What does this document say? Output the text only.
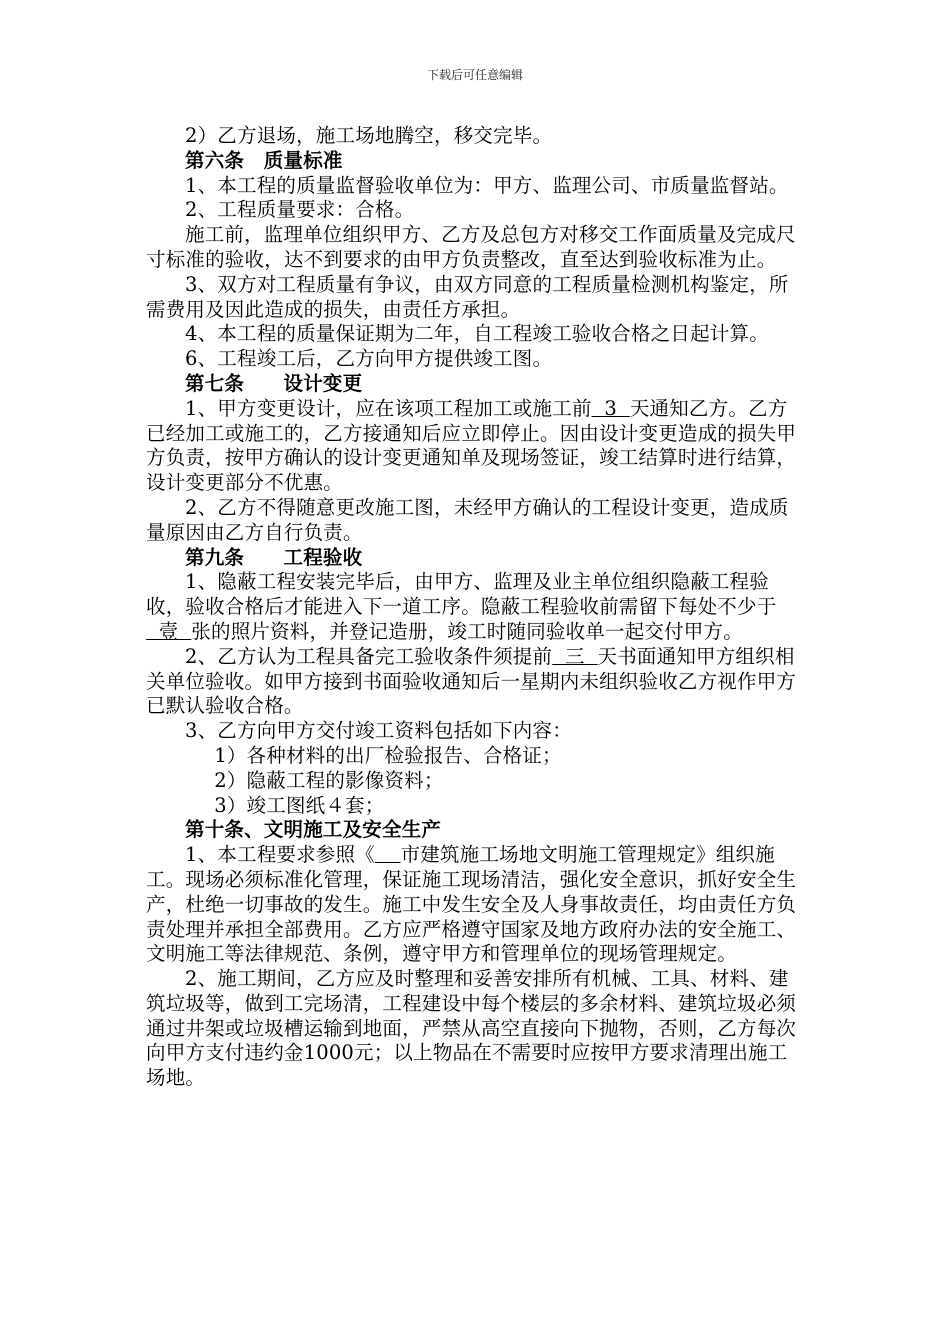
下载后可任意编辑

2）乙方退场，施工场地腾空，移交完毕。

第六条　质量标准

1、本工程的质量监督验收单位为：甲方、监理公司、市质量监督站。

2、工程质量要求：合格。

施工前，监理单位组织甲方、乙方及总包方对移交工作面质量及完成尺寸标准的验收，达不到要求的由甲方负责整改，直至达到验收标准为止。

3、双方对工程质量有争议，由双方同意的工程质量检测机构鉴定，所需费用及因此造成的损失，由责任方承担。

4、本工程的质量保证期为二年，自工程竣工验收合格之日起计算。

6、工程竣工后，乙方向甲方提供竣工图。

第七条　　设计变更

1、甲方变更设计，应在该项工程加工或施工前  3  天通知乙方。乙方已经加工或施工的，乙方接通知后应立即停止。因由设计变更造成的损失甲方负责，按甲方确认的设计变更通知单及现场签证，竣工结算时进行结算，设计变更部分不优惠。

2、乙方不得随意更改施工图，未经甲方确认的工程设计变更，造成质量原因由乙方自行负责。

第九条　　工程验收

1、隐蔽工程安装完毕后，由甲方、监理及业主单位组织隐蔽工程验收，验收合格后才能进入下一道工序。隐蔽工程验收前需留下每处不少于  壹  张的照片资料，并登记造册，竣工时随同验收单一起交付甲方。

2、乙方认为工程具备完工验收条件须提前  三  天书面通知甲方组织相关单位验收。如甲方接到书面验收通知后一星期内未组织验收乙方视作甲方已默认验收合格。

3、乙方向甲方交付竣工资料包括如下内容：

1）各种材料的出厂检验报告、合格证；

2）隐蔽工程的影像资料；

3）竣工图纸４套；

第十条、文明施工及安全生产

1、本工程要求参照《 市建筑施工场地文明施工管理规定》组织施工。现场必须标准化管理，保证施工现场清洁，强化安全意识，抓好安全生产，杜绝一切事故的发生。施工中发生安全及人身事故责任，均由责任方负责处理并承担全部费用。乙方应严格遵守国家及地方政府办法的安全施工、文明施工等法律规范、条例，遵守甲方和管理单位的现场管理规定。

2、施工期间，乙方应及时整理和妥善安排所有机械、工具、材料、建筑垃圾等，做到工完场清，工程建设中每个楼层的多余材料、建筑垃圾必须通过井架或垃圾槽运输到地面，严禁从高空直接向下抛物，否则，乙方每次向甲方支付违约金1000元；以上物品在不需要时应按甲方要求清理出施工场地。
